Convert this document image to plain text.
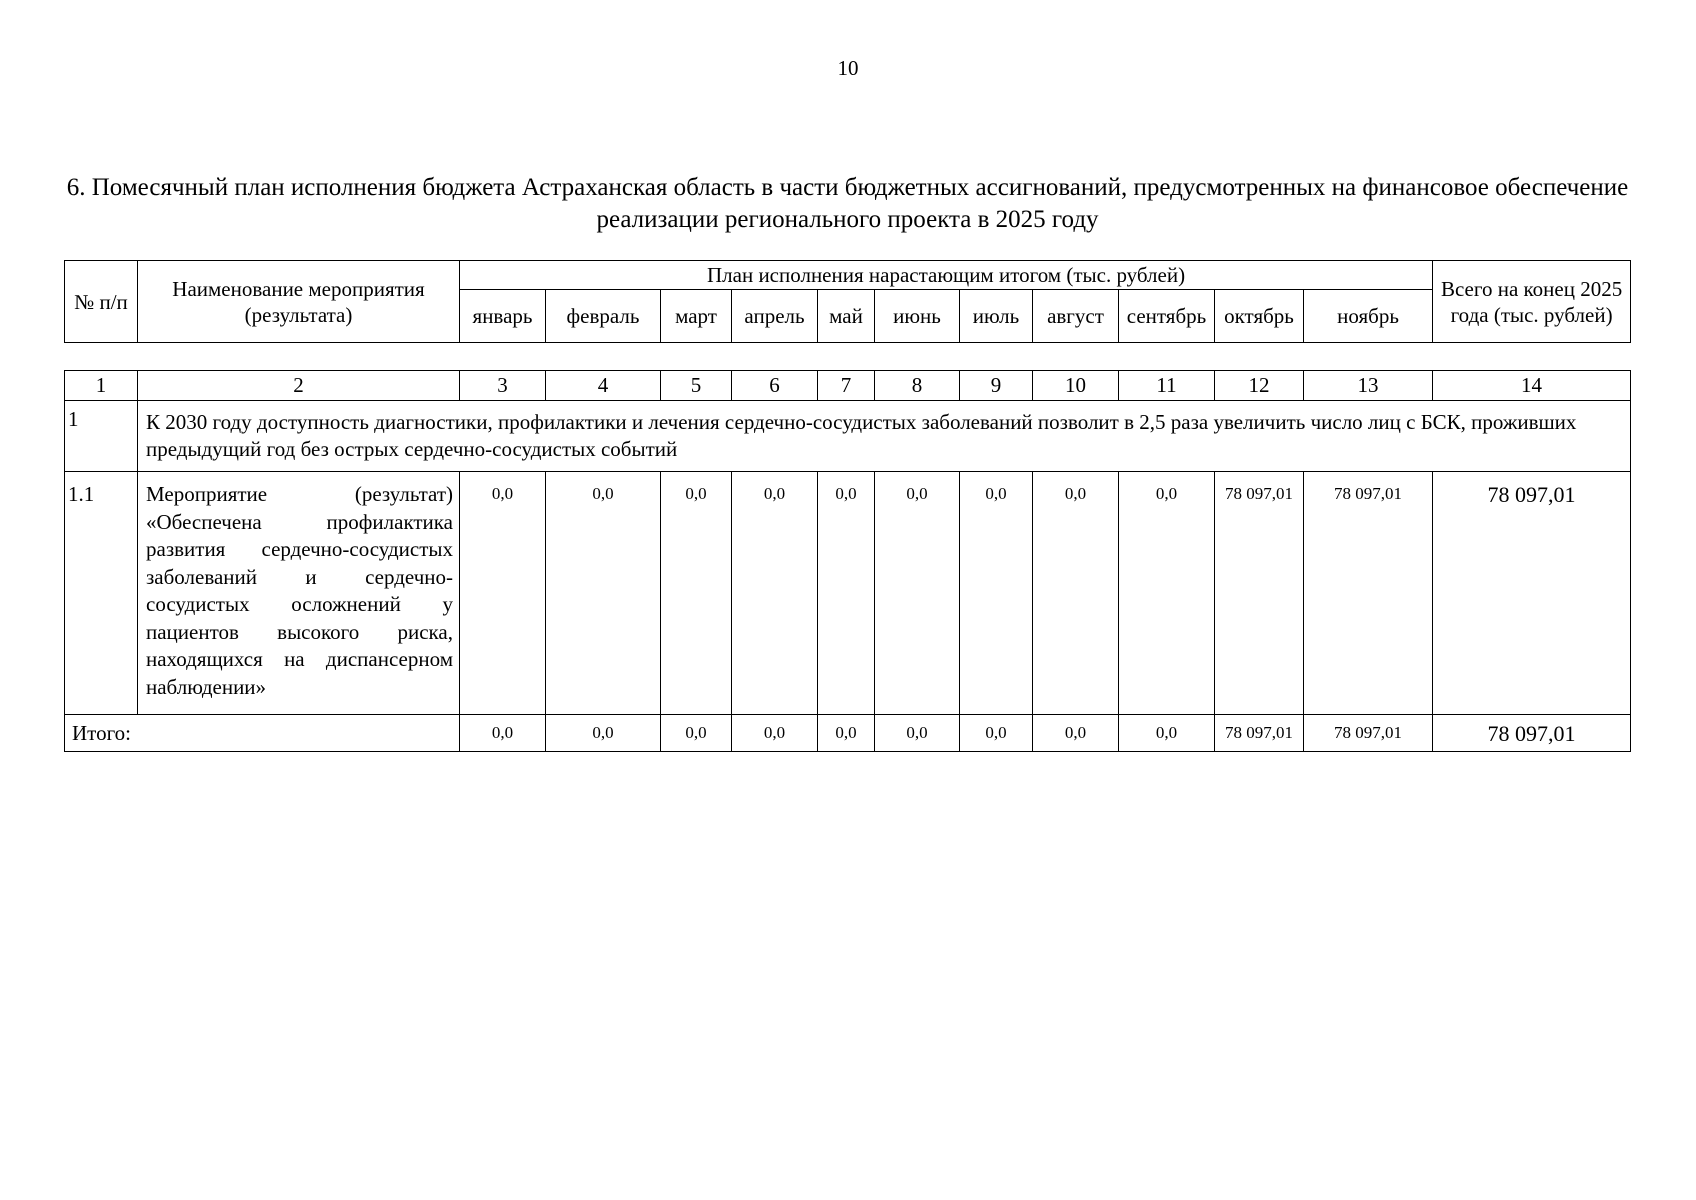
10
6. Помесячный план исполнения бюджета Астраханская область в части бюджетных ассигнований, предусмотренных на финансовое обеспечение реализации регионального проекта в 2025 году
№ п/п	Наименование мероприятия (результата)	План исполнения нарастающим итогом (тыс. рублей)											Всего на конец 2025 года (тыс. рублей)
		январь	февраль	март	апрель	май	июнь	июль	август	сентябрь	октябрь	ноябрь	
1	2	3	4	5	6	7	8	9	10	11	12	13	14
1	К 2030 году доступность диагностики, профилактики и лечения сердечно-сосудистых заболеваний позволит в 2,5 раза увеличить число лиц с БСК, проживших предыдущий год без острых сердечно-сосудистых событий												
1.1	Мероприятие (результат) «Обеспечена профилактика развития сердечно-сосудистых заболеваний и сердечно-сосудистых осложнений у пациентов высокого риска, находящихся на диспансерном наблюдении»	0,0	0,0	0,0	0,0	0,0	0,0	0,0	0,0	0,0	78 097,01	78 097,01	78 097,01
Итого:		0,0	0,0	0,0	0,0	0,0	0,0	0,0	0,0	0,0	78 097,01	78 097,01	78 097,01
